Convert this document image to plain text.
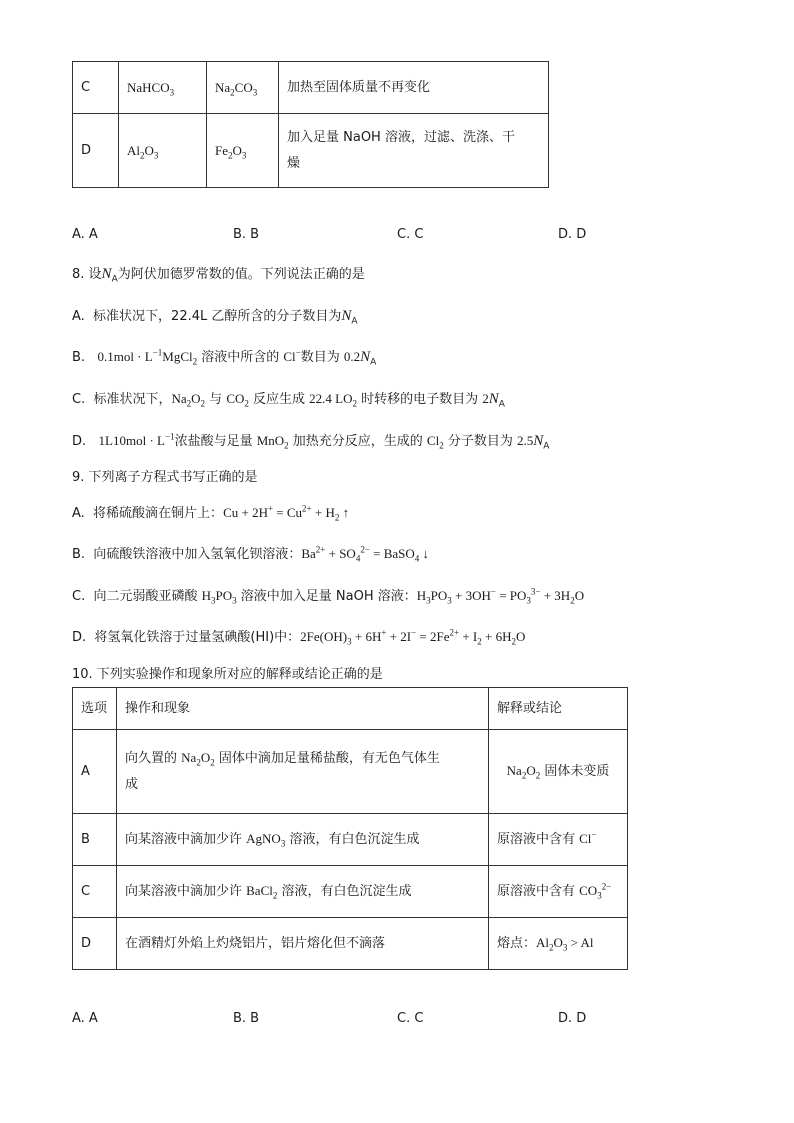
C	NaHCO$_3$	$Na_2CO_3$	加热至固体质量不再变化
D	$Al_2O_3$	$Fe_2O_3$	加入足量 NaOH 溶液，过滤、洗涤、干
燥
A. A	B. B	C. C	D. D
8. 设$N_A$为阿伏加德罗常数的值。下列说法正确的是
A.  标准状况下，22.4L 乙醇所含的分子数目为$N_A$
B.   $0.1mol \cdot L^{-1}MgCl_2$ 溶液中所含的 Cl−数目为 $0.2N_A$
C.  标准状况下，$Na_2O_2$ 与 $CO_2$ 反应生成 22.4 $LO_2$ 时转移的电子数目为 $2N_A$
D.   $1L10mol \cdot L^{-1}$浓盐酸与足量 MnO$_2$ 加热充分反应，生成的 $Cl_2$ 分子数目为 $2.5N_A$
9. 下列离子方程式书写正确的是
A.  将稀硫酸滴在铜片上：$Cu + 2H^+ = Cu^{2+} + H_2$ ↑
B.  向硫酸铁溶液中加入氢氧化钡溶液：$Ba^{2+} + SO_4^{2-}$ = BaSO$_4$ ↓
C.  向二元弱酸亚磷酸 $H_3PO_3$ 溶液中加入足量 NaOH 溶液：$H_3PO_3 + 3OH^- = PO_3^{3-} + 3H_2O$
D.  将氢氧化铁溶于过量氢碘酸(HI)中：$2Fe(OH)_3 + 6H^+ + 2I^- = 2Fe^{2+} + I_2 + 6H_2O$
10. 下列实验操作和现象所对应的解释或结论正确的是
选项	操作和现象	解释或结论
A	向久置的 $Na_2O_2$ 固体中滴加足量稀盐酸，有无色气体生
成	$Na_2O_2$ 固体未变质
B	向某溶液中滴加少许 AgNO$_3$ 溶液，有白色沉淀生成	原溶液中含有 Cl−
C	向某溶液中滴加少许 BaCl$_2$ 溶液，有白色沉淀生成	原溶液中含有 $CO_3^{2-}$
D	在酒精灯外焰上灼烧铝片，铝片熔化但不滴落	熔点：$Al_2O_3 > Al$
A. A	B. B	C. C	D. D
